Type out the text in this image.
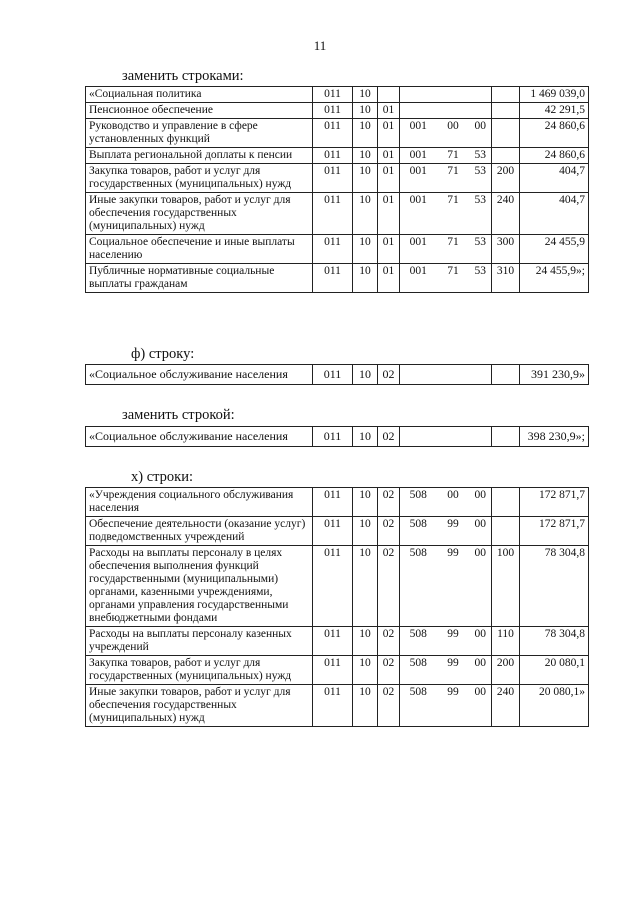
11
заменить строками:
«Социальная политика	011	10						1 469 039,0
Пенсионное обеспечение	011	10	01					42 291,5
Руководство и управление в сфере установленных функций	011	10	01	001	00	00		24 860,6
Выплата региональной доплаты к пенсии	011	10	01	001	71	53		24 860,6
Закупка товаров, работ и услуг для государственных (муниципальных) нужд	011	10	01	001	71	53	200	404,7
Иные закупки товаров, работ и услуг для обеспечения государственных (муниципальных) нужд	011	10	01	001	71	53	240	404,7
Социальное обеспечение и иные выплаты населению	011	10	01	001	71	53	300	24 455,9
Публичные нормативные социальные выплаты гражданам	011	10	01	001	71	53	310	24 455,9»;
ф) строку:
«Социальное обслуживание населения	011	10	02			391 230,9»
заменить строкой:
«Социальное обслуживание населения	011	10	02			398 230,9»;
х) строки:
«Учреждения социального обслуживания населения	011	10	02	508	00	00		172 871,7
Обеспечение деятельности (оказание услуг) подведомственных учреждений	011	10	02	508	99	00		172 871,7
Расходы на выплаты персоналу в целях обеспечения выполнения функций государственными (муниципальными) органами, казенными учреждениями, органами управления государственными внебюджетными фондами	011	10	02	508	99	00	100	78 304,8
Расходы на выплаты персоналу казенных учреждений	011	10	02	508	99	00	110	78 304,8
Закупка товаров, работ и услуг для государственных (муниципальных) нужд	011	10	02	508	99	00	200	20 080,1
Иные закупки товаров, работ и услуг для обеспечения государственных (муниципальных) нужд	011	10	02	508	99	00	240	20 080,1»
